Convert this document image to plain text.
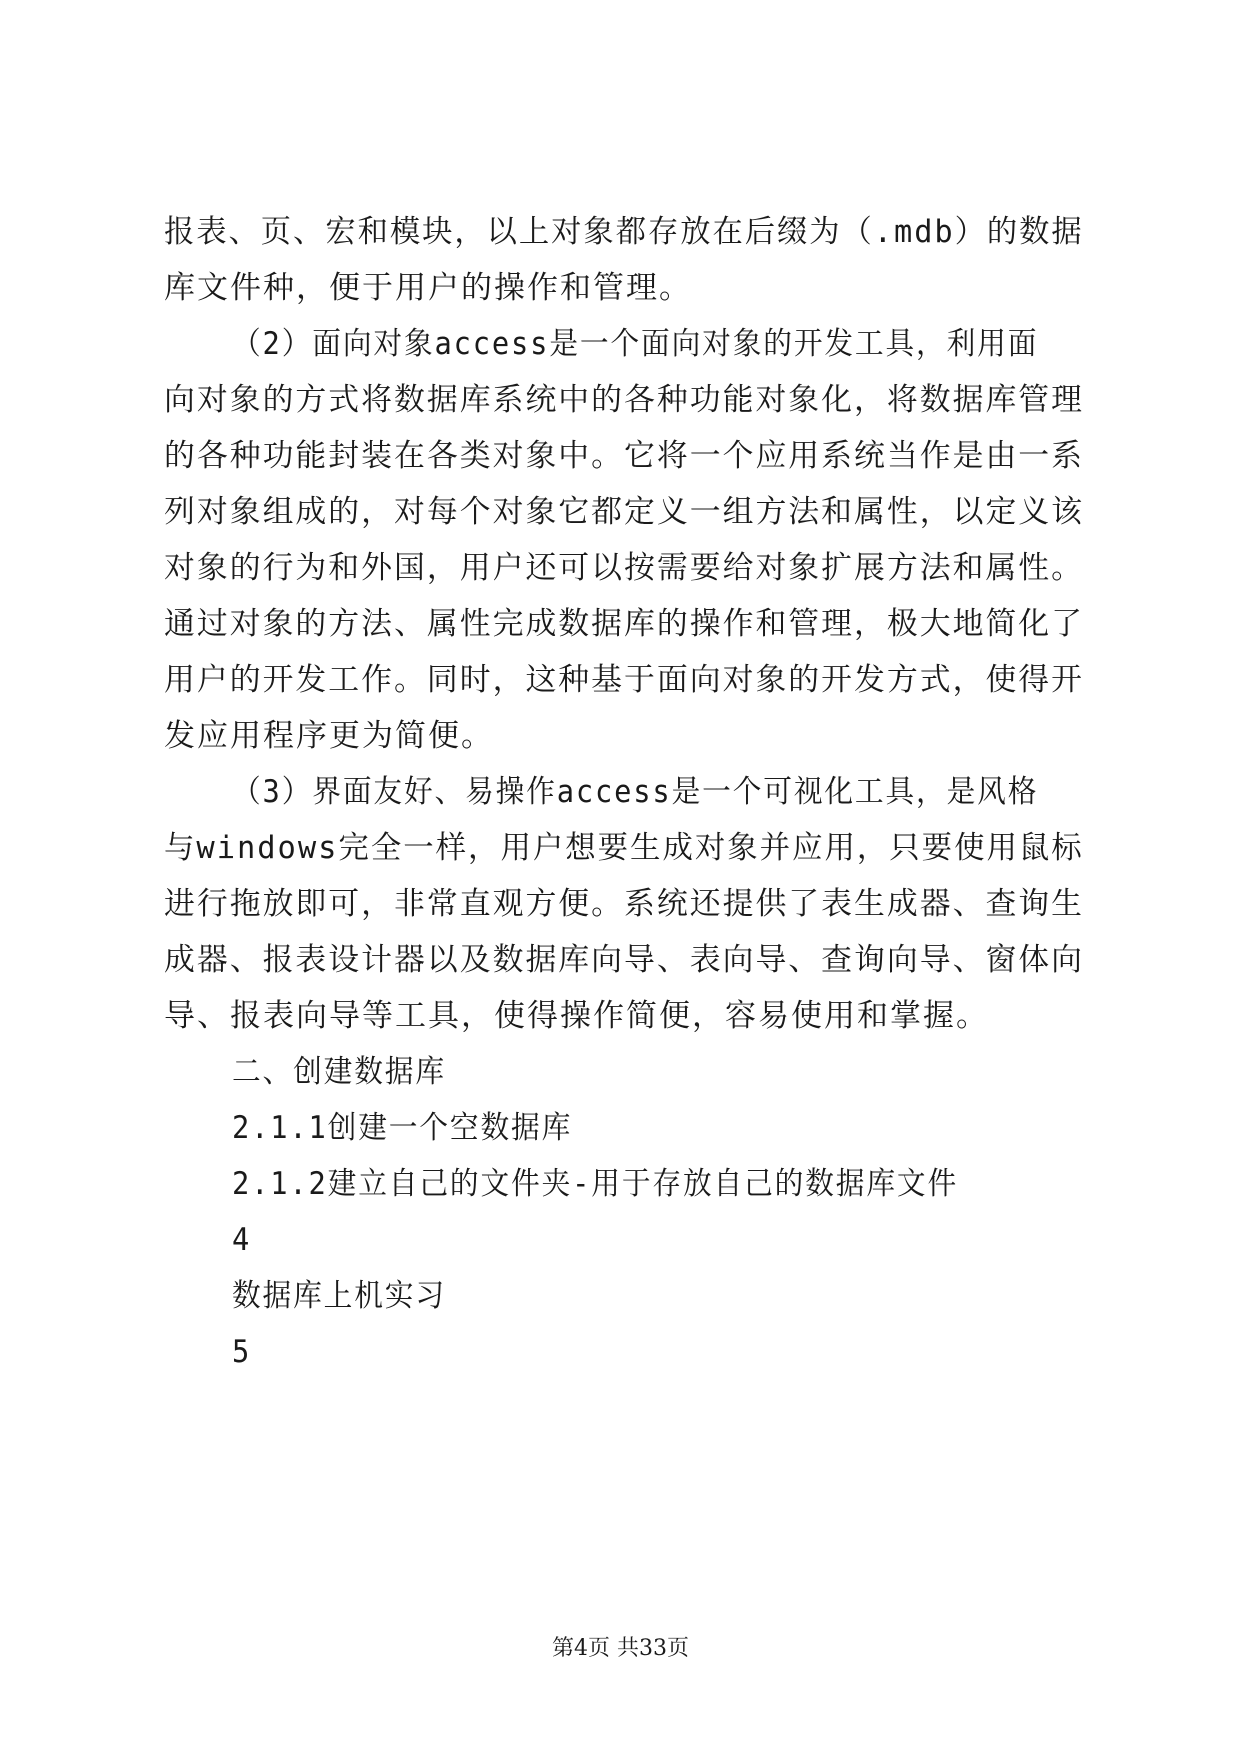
报表、页、宏和模块，以上对象都存放在后缀为（.mdb）的数据
库文件种，便于用户的操作和管理。
（2）面向对象access是一个面向对象的开发工具，利用面
向对象的方式将数据库系统中的各种功能对象化，将数据库管理
的各种功能封装在各类对象中。它将一个应用系统当作是由一系
列对象组成的，对每个对象它都定义一组方法和属性，以定义该
对象的行为和外国，用户还可以按需要给对象扩展方法和属性。
通过对象的方法、属性完成数据库的操作和管理，极大地简化了
用户的开发工作。同时，这种基于面向对象的开发方式，使得开
发应用程序更为简便。
（3）界面友好、易操作access是一个可视化工具，是风格
与windows完全一样，用户想要生成对象并应用，只要使用鼠标
进行拖放即可，非常直观方便。系统还提供了表生成器、查询生
成器、报表设计器以及数据库向导、表向导、查询向导、窗体向
导、报表向导等工具，使得操作简便，容易使用和掌握。
二、创建数据库
2.1.1创建一个空数据库
2.1.2建立自己的文件夹-用于存放自己的数据库文件
4
数据库上机实习
5
第4页 共33页
